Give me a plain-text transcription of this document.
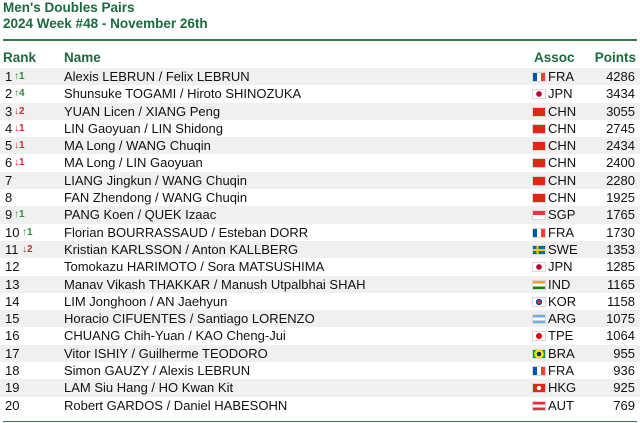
Men's Doubles Pairs
2024 Week #48 - November 26th
Rank Name	Assoc Points
1 ↑1	Alexis LEBRUN / Felix LEBRUN	FRA 4286
2 ↑4	Shunsuke TOGAMI / Hiroto SHINOZUKA	JPN	3434
3 ↓2	YUAN Licen / XIANG Peng	CHN 3055
4 ↓1	LIN Gaoyuan / LIN Shidong	CHN 2745
5 ↓1	MA Long / WANG Chuqin	CHN 2434
6 ↓1	MA Long / LIN Gaoyuan	CHN 2400
7	LIANG Jingkun / WANG Chuqin	CHN 2280
8	FAN Zhendong / WANG Chuqin	CHN 1925
9 ↑1	PANG Koen / QUEK Izaac	SGP 1765
10 ↑1 Florian BOURRASSAUD / Esteban DORR	FRA 1730
11 ↓2 Kristian KARLSSON / Anton KALLBERG	SWE 1353
12	Tomokazu HARIMOTO / Sora MATSUSHIMA	JPN	1285
13	Manav Vikash THAKKAR / Manush Utpalbhai SHAH	IND	1165
14	LIM Jonghoon / AN Jaehyun	KOR 1158
15	Horacio CIFUENTES / Santiago LORENZO	ARG 1075
16	CHUANG Chih-Yuan / KAO Cheng-Jui	TPE	1064
17	Vitor ISHIY / Guilherme TEODORO	BRA	955
18	Simon GAUZY / Alexis LEBRUN	FRA	936
19	LAM Siu Hang / HO Kwan Kit	HKG	925
20	Robert GARDOS / Daniel HABESOHN	AUT	769
